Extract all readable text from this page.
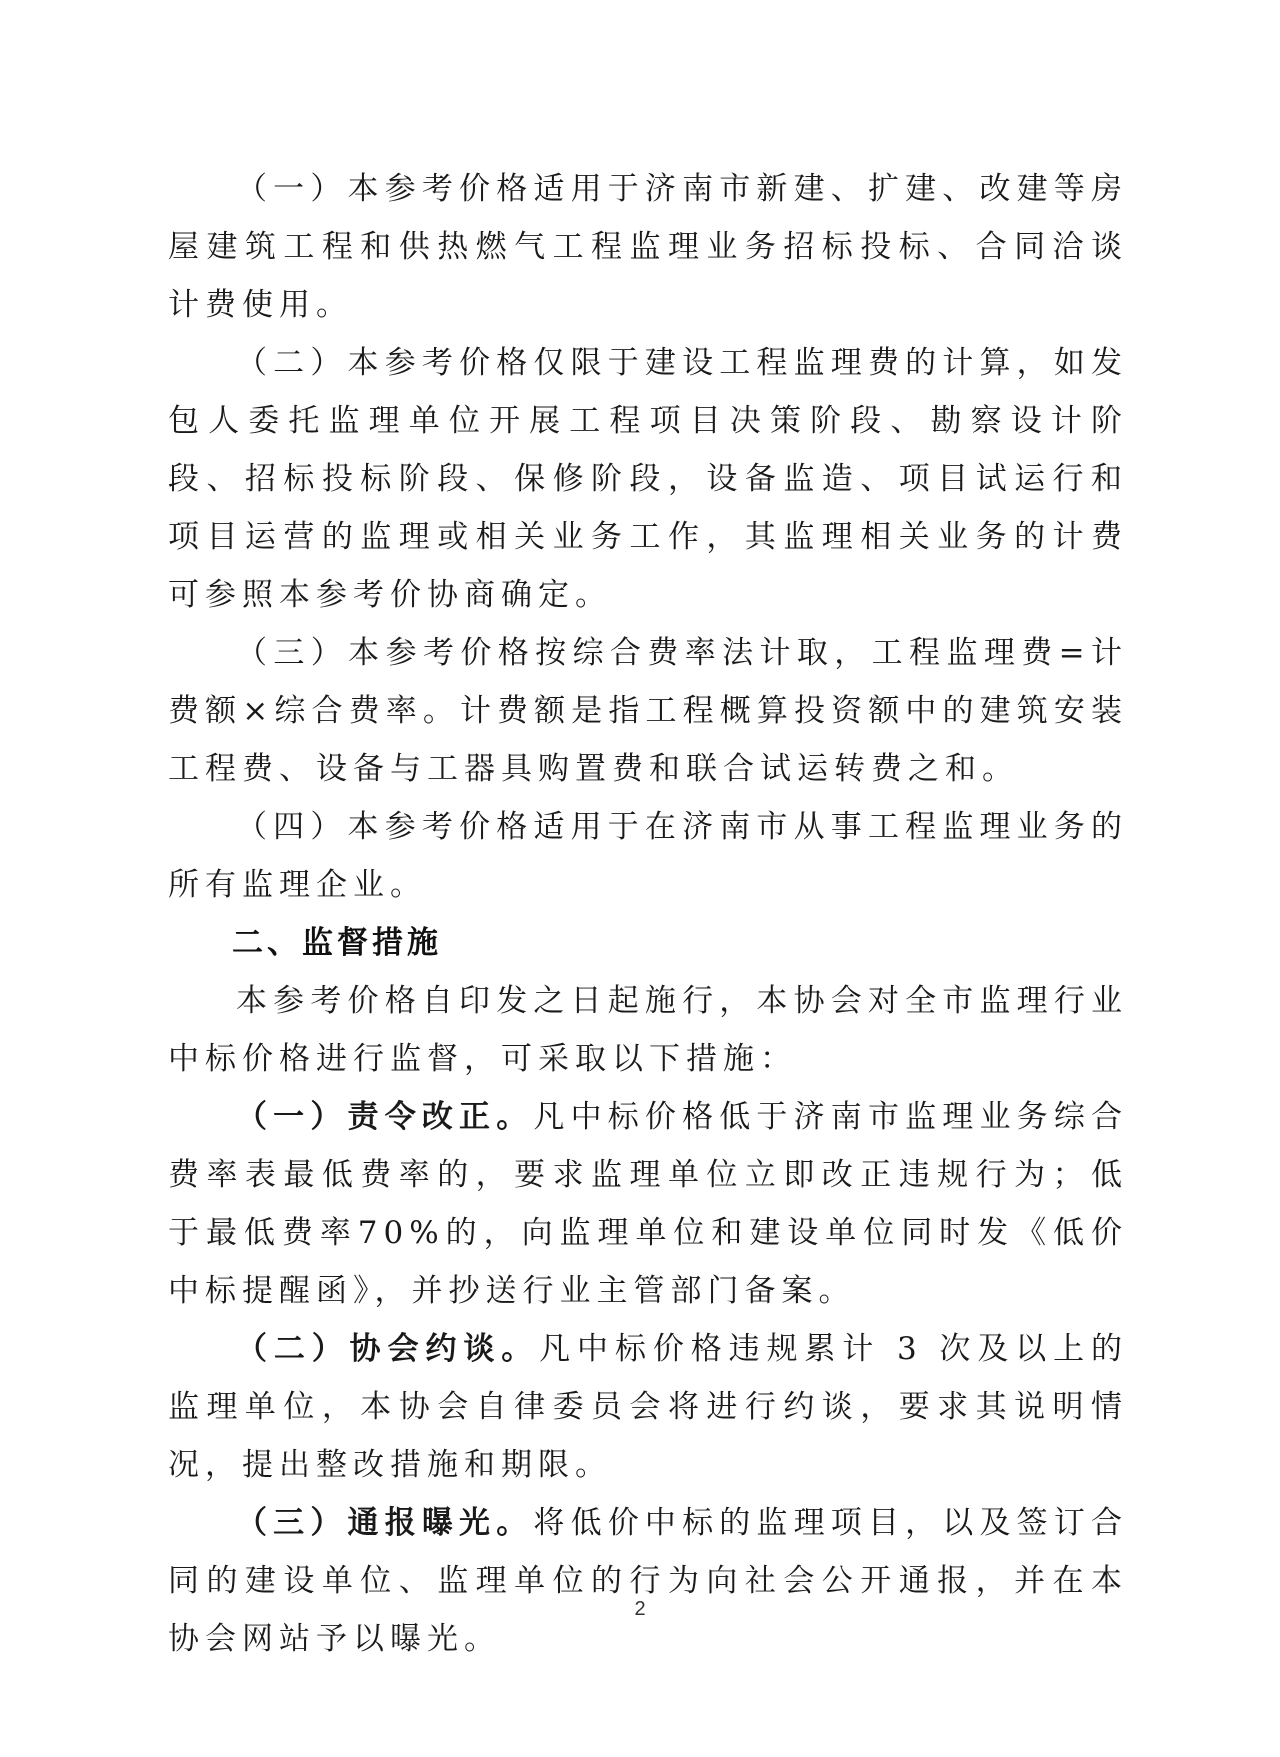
（一）本参考价格适用于济南市新建、扩建、改建等房屋建筑工程和供热燃气工程监理业务招标投标、合同洽谈计费使用。

（二）本参考价格仅限于建设工程监理费的计算，如发包人委托监理单位开展工程项目决策阶段、勘察设计阶段、招标投标阶段、保修阶段，设备监造、项目试运行和项目运营的监理或相关业务工作，其监理相关业务的计费可参照本参考价协商确定。

（三）本参考价格按综合费率法计取，工程监理费=计费额×综合费率。计费额是指工程概算投资额中的建筑安装工程费、设备与工器具购置费和联合试运转费之和。

（四）本参考价格适用于在济南市从事工程监理业务的所有监理企业。

二、监督措施

本参考价格自印发之日起施行，本协会对全市监理行业中标价格进行监督，可采取以下措施：

（一）责令改正。凡中标价格低于济南市监理业务综合费率表最低费率的，要求监理单位立即改正违规行为；低于最低费率70%的，向监理单位和建设单位同时发《低价中标提醒函》，并抄送行业主管部门备案。

（二）协会约谈。凡中标价格违规累计 3 次及以上的监理单位，本协会自律委员会将进行约谈，要求其说明情况，提出整改措施和期限。

（三）通报曝光。将低价中标的监理项目，以及签订合同的建设单位、监理单位的行为向社会公开通报，并在本协会网站予以曝光。

2
